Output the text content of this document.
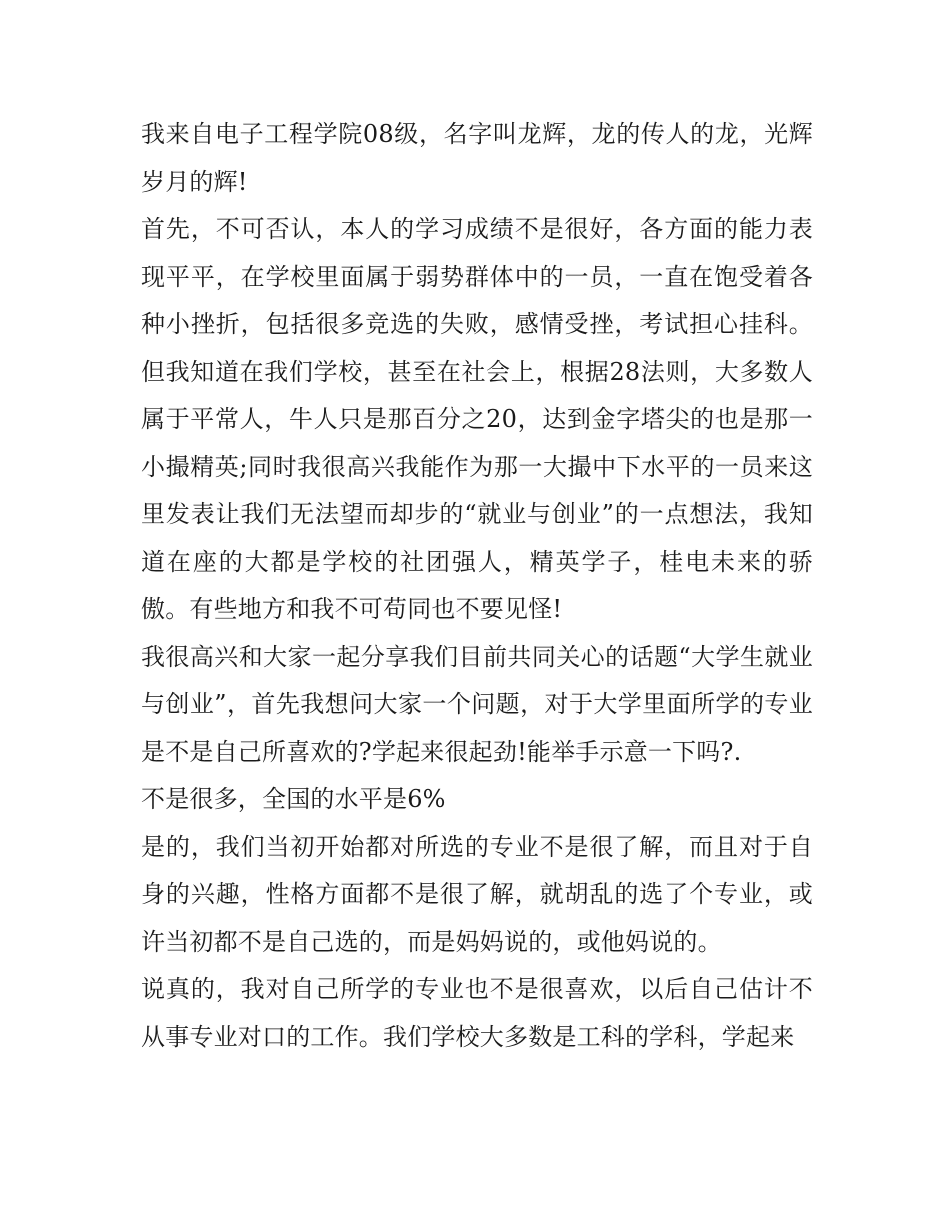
我来自电子工程学院08级，名字叫龙辉，龙的传人的龙，光辉岁月的辉!

首先，不可否认，本人的学习成绩不是很好，各方面的能力表现平平，在学校里面属于弱势群体中的一员，一直在饱受着各种小挫折，包括很多竞选的失败，感情受挫，考试担心挂科。但我知道在我们学校，甚至在社会上，根据28法则，大多数人属于平常人，牛人只是那百分之20，达到金字塔尖的也是那一小撮精英;同时我很高兴我能作为那一大撮中下水平的一员来这里发表让我们无法望而却步的“就业与创业”的一点想法，我知道在座的大都是学校的社团强人，精英学子，桂电未来的骄傲。有些地方和我不可苟同也不要见怪!

我很高兴和大家一起分享我们目前共同关心的话题“大学生就业与创业”，首先我想问大家一个问题，对于大学里面所学的专业是不是自己所喜欢的?学起来很起劲!能举手示意一下吗?.

不是很多，全国的水平是6%

是的，我们当初开始都对所选的专业不是很了解，而且对于自身的兴趣，性格方面都不是很了解，就胡乱的选了个专业，或许当初都不是自己选的，而是妈妈说的，或他妈说的。

说真的，我对自己所学的专业也不是很喜欢，以后自己估计不从事专业对口的工作。我们学校大多数是工科的学科，学起来
